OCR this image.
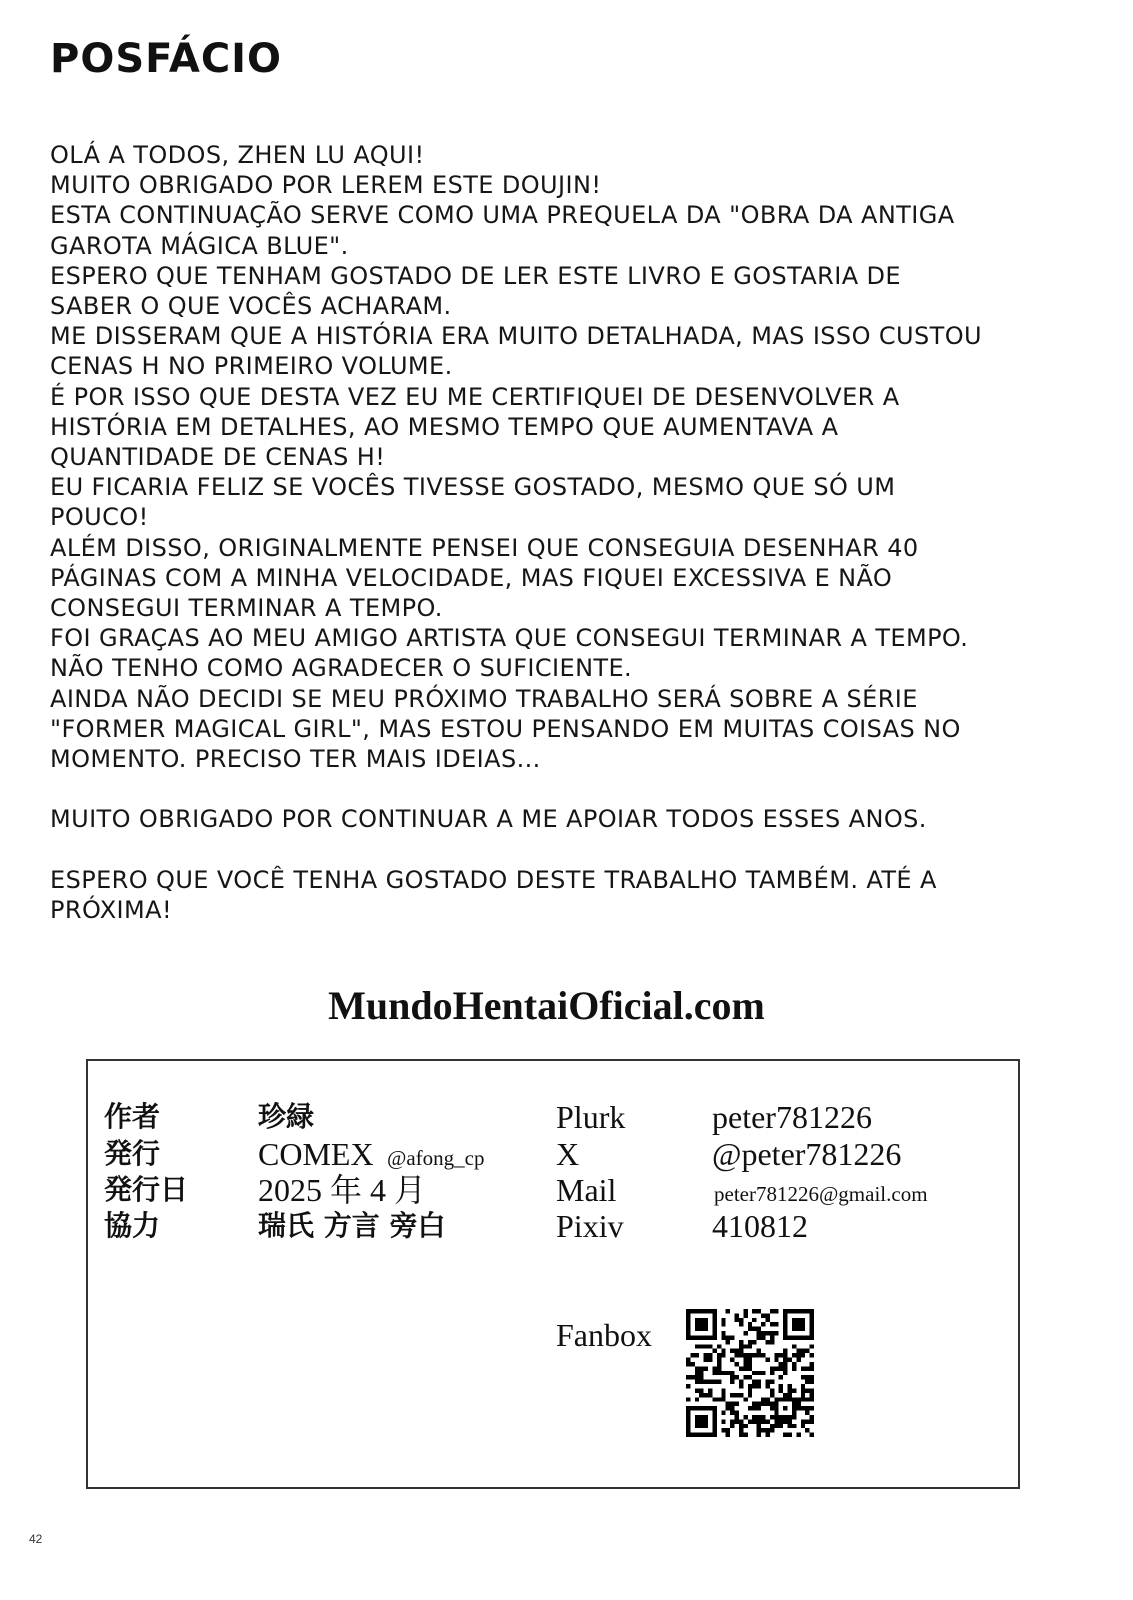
POSFÁCIO
OLÁ A TODOS, ZHEN LU AQUI!
MUITO OBRIGADO POR LEREM ESTE DOUJIN!
ESTA CONTINUAÇÃO SERVE COMO UMA PREQUELA DA "OBRA DA ANTIGA
GAROTA MÁGICA BLUE".
ESPERO QUE TENHAM GOSTADO DE LER ESTE LIVRO E GOSTARIA DE
SABER O QUE VOCÊS ACHARAM.
ME DISSERAM QUE A HISTÓRIA ERA MUITO DETALHADA, MAS ISSO CUSTOU
CENAS H NO PRIMEIRO VOLUME.
É POR ISSO QUE DESTA VEZ EU ME CERTIFIQUEI DE DESENVOLVER A
HISTÓRIA EM DETALHES, AO MESMO TEMPO QUE AUMENTAVA A
QUANTIDADE DE CENAS H!
EU FICARIA FELIZ SE VOCÊS TIVESSE GOSTADO, MESMO QUE SÓ UM
POUCO!
ALÉM DISSO, ORIGINALMENTE PENSEI QUE CONSEGUIA DESENHAR 40
PÁGINAS COM A MINHA VELOCIDADE, MAS FIQUEI EXCESSIVA E NÃO
CONSEGUI TERMINAR A TEMPO.
FOI GRAÇAS AO MEU AMIGO ARTISTA QUE CONSEGUI TERMINAR A TEMPO.
NÃO TENHO COMO AGRADECER O SUFICIENTE.
AINDA NÃO DECIDI SE MEU PRÓXIMO TRABALHO SERÁ SOBRE A SÉRIE
"FORMER MAGICAL GIRL", MAS ESTOU PENSANDO EM MUITAS COISAS NO
MOMENTO. PRECISO TER MAIS IDEIAS...
MUITO OBRIGADO POR CONTINUAR A ME APOIAR TODOS ESSES ANOS.
ESPERO QUE VOCÊ TENHA GOSTADO DESTE TRABALHO TAMBÉM. ATÉ A
PRÓXIMA!
MundoHentaiOficial.com
作者	珍緑
発行	COMEX @afong_cp
発行日 2025 年 4 月
協力	瑞氏 方言 旁白
Plurk	peter781226
X	@peter781226
Mail	peter781226@gmail.com
Pixiv	410812
Fanbox
42
